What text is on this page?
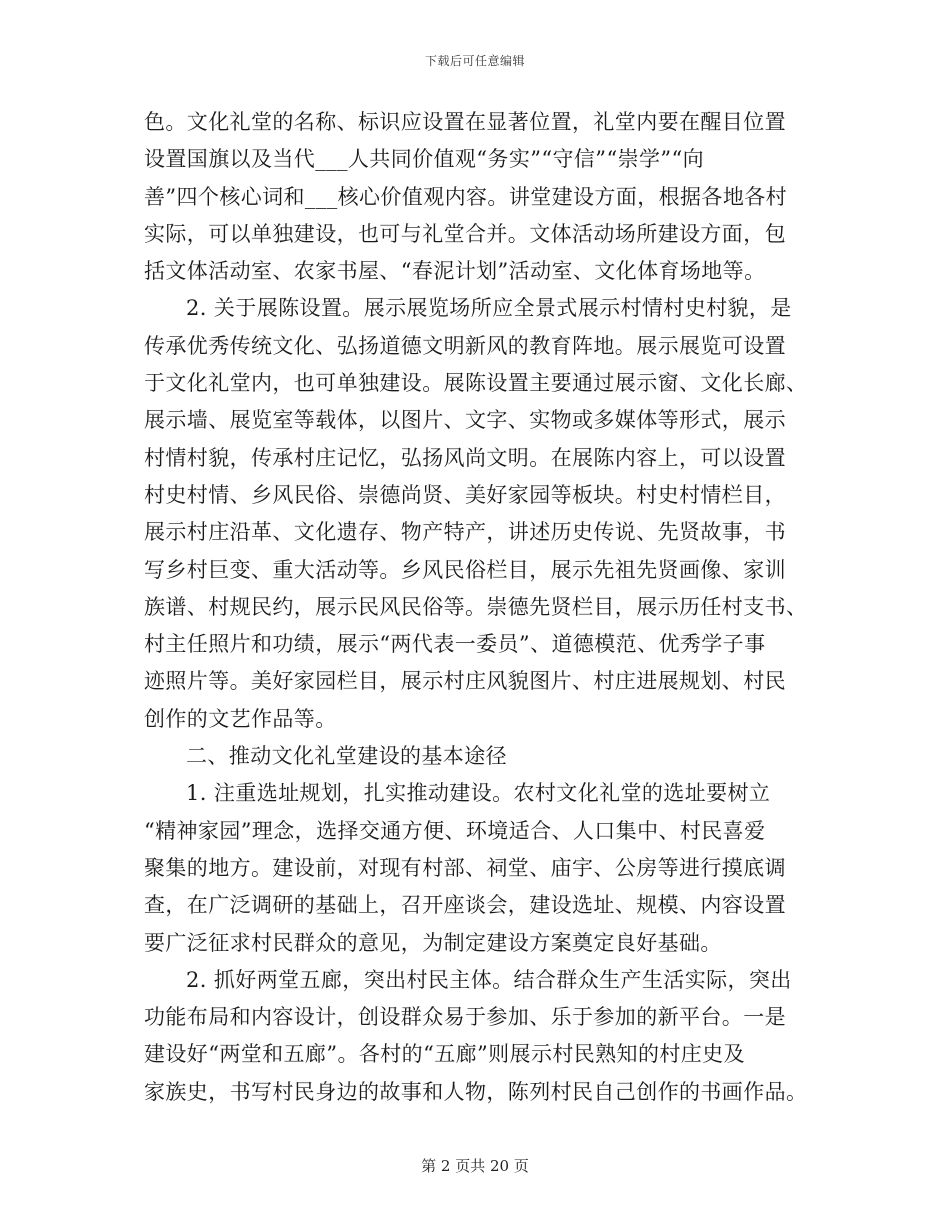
下载后可任意编辑
色。文化礼堂的名称、标识应设置在显著位置，礼堂内要在醒目位置
设置国旗以及当代___人共同价值观“务实”“守信”“崇学”“向
善”四个核心词和___核心价值观内容。讲堂建设方面，根据各地各村
实际，可以单独建设，也可与礼堂合并。文体活动场所建设方面，包
括文体活动室、农家书屋、“春泥计划”活动室、文化体育场地等。
2. 关于展陈设置。展示展览场所应全景式展示村情村史村貌，是
传承优秀传统文化、弘扬道德文明新风的教育阵地。展示展览可设置
于文化礼堂内，也可单独建设。展陈设置主要通过展示窗、文化长廊、
展示墙、展览室等载体，以图片、文字、实物或多媒体等形式，展示
村情村貌，传承村庄记忆，弘扬风尚文明。在展陈内容上，可以设置
村史村情、乡风民俗、崇德尚贤、美好家园等板块。村史村情栏目，
展示村庄沿革、文化遗存、物产特产，讲述历史传说、先贤故事，书
写乡村巨变、重大活动等。乡风民俗栏目，展示先祖先贤画像、家训
族谱、村规民约，展示民风民俗等。崇德先贤栏目，展示历任村支书、
村主任照片和功绩，展示“两代表一委员”、道德模范、优秀学子事
迹照片等。美好家园栏目，展示村庄风貌图片、村庄进展规划、村民
创作的文艺作品等。
二、推动文化礼堂建设的基本途径
1. 注重选址规划，扎实推动建设。农村文化礼堂的选址要树立
“精神家园”理念，选择交通方便、环境适合、人口集中、村民喜爱
聚集的地方。建设前，对现有村部、祠堂、庙宇、公房等进行摸底调
查，在广泛调研的基础上，召开座谈会，建设选址、规模、内容设置
要广泛征求村民群众的意见，为制定建设方案奠定良好基础。
2. 抓好两堂五廊，突出村民主体。结合群众生产生活实际，突出
功能布局和内容设计，创设群众易于参加、乐于参加的新平台。一是
建设好“两堂和五廊”。各村的“五廊”则展示村民熟知的村庄史及
家族史，书写村民身边的故事和人物，陈列村民自己创作的书画作品。
第 2 页共 20 页
